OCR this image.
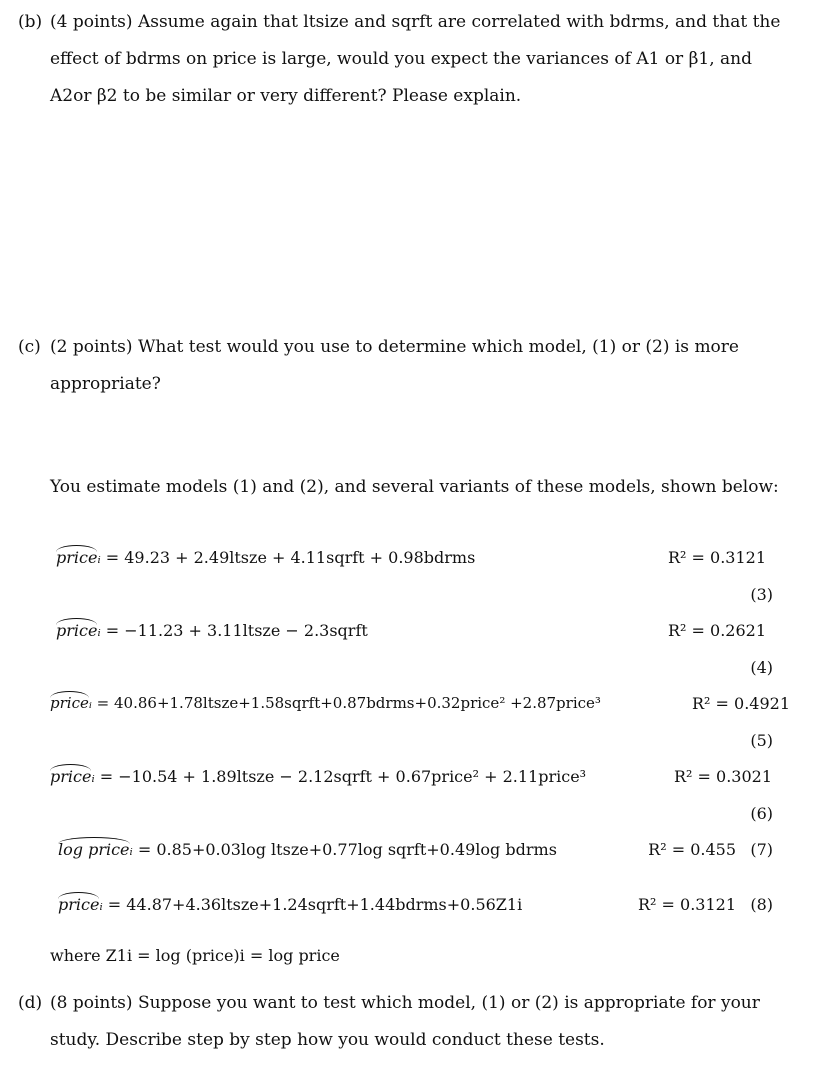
(b) (4 points) Assume again that ltsize and sqrft are correlated with bdrms, and that the effect of bdrms on price is large, would you expect the variances of A1 or β1, and A2or β2 to be similar or very different? Please explain.
(c) (2 points) What test would you use to determine which model, (1) or (2) is more appropriate?
You estimate models (1) and (2), and several variants of these models, shown below:
priceᵢ = 49.23 + 2.49ltsze + 4.11sqrft + 0.98bdrms	R² = 0.3121
(3)
priceᵢ = −11.23 + 3.11ltsze − 2.3sqrft	R² = 0.2621
(4)
priceᵢ = 40.86+1.78ltsze+1.58sqrft+0.87bdrms+0.32price² +2.87price³	R² = 0.4921
(5)
priceᵢ = −10.54 + 1.89ltsze − 2.12sqrft + 0.67price² + 2.11price³	R² = 0.3021
(6)
log priceᵢ = 0.85+0.03log ltsze+0.77log sqrft+0.49log bdrms	R² = 0.455 (7)
priceᵢ = 44.87+4.36ltsze+1.24sqrft+1.44bdrms+0.56Z1i	R² = 0.3121 (8)
where Z1i = log (price)i = log price
(d) (8 points) Suppose you want to test which model, (1) or (2) is appropriate for your study. Describe step by step how you would conduct these tests.
